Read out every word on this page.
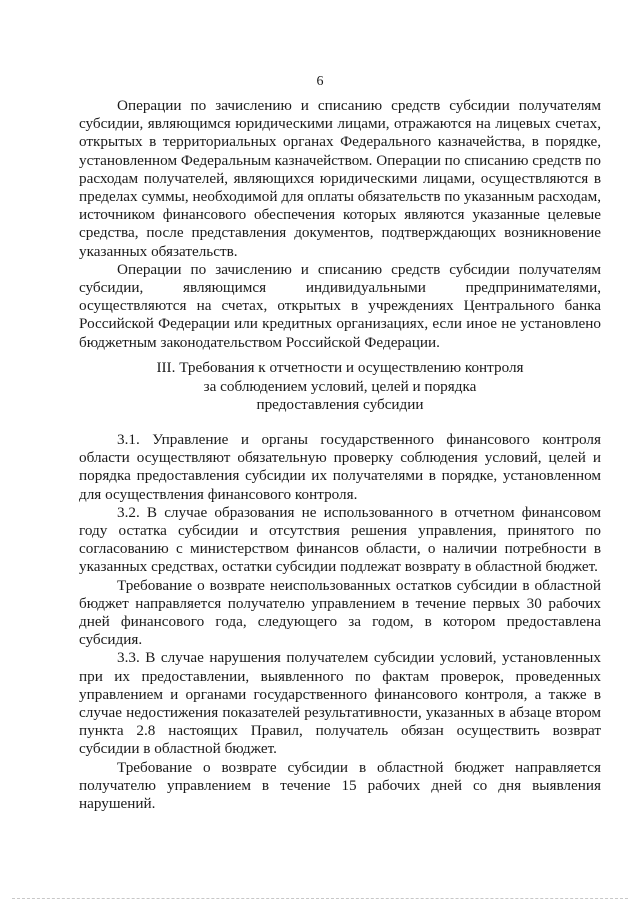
6

Операции по зачислению и списанию средств субсидии получателям субсидии, являющимся юридическими лицами, отражаются на лицевых счетах, открытых в территориальных органах Федерального казначейства, в порядке, установленном Федеральным казначейством. Операции по списанию средств по расходам получателей, являющихся юридическими лицами, осуществляются в пределах суммы, необходимой для оплаты обязательств по указанным расходам, источником финансового обеспечения которых являются указанные целевые средства, после представления документов, подтверждающих возникновение указанных обязательств.

Операции по зачислению и списанию средств субсидии получателям субсидии, являющимся индивидуальными предпринимателями, осуществляются на счетах, открытых в учреждениях Центрального банка Российской Федерации или кредитных организациях, если иное не установлено бюджетным законодательством Российской Федерации.

III. Требования к отчетности и осуществлению контроля
за соблюдением условий, целей и порядка
предоставления субсидии

3.1. Управление и органы государственного финансового контроля области осуществляют обязательную проверку соблюдения условий, целей и порядка предоставления субсидии их получателями в порядке, установленном для осуществления финансового контроля.

3.2. В случае образования не использованного в отчетном финансовом году остатка субсидии и отсутствия решения управления, принятого по согласованию с министерством финансов области, о наличии потребности в указанных средствах, остатки субсидии подлежат возврату в областной бюджет.

Требование о возврате неиспользованных остатков субсидии в областной бюджет направляется получателю управлением в течение первых 30 рабочих дней финансового года, следующего за годом, в котором предоставлена субсидия.

3.3. В случае нарушения получателем субсидии условий, установленных при их предоставлении, выявленного по фактам проверок, проведенных управлением и органами государственного финансового контроля, а также в случае недостижения показателей результативности, указанных в абзаце втором пункта 2.8 настоящих Правил, получатель обязан осуществить возврат субсидии в областной бюджет.

Требование о возврате субсидии в областной бюджет направляется получателю управлением в течение 15 рабочих дней со дня выявления нарушений.
